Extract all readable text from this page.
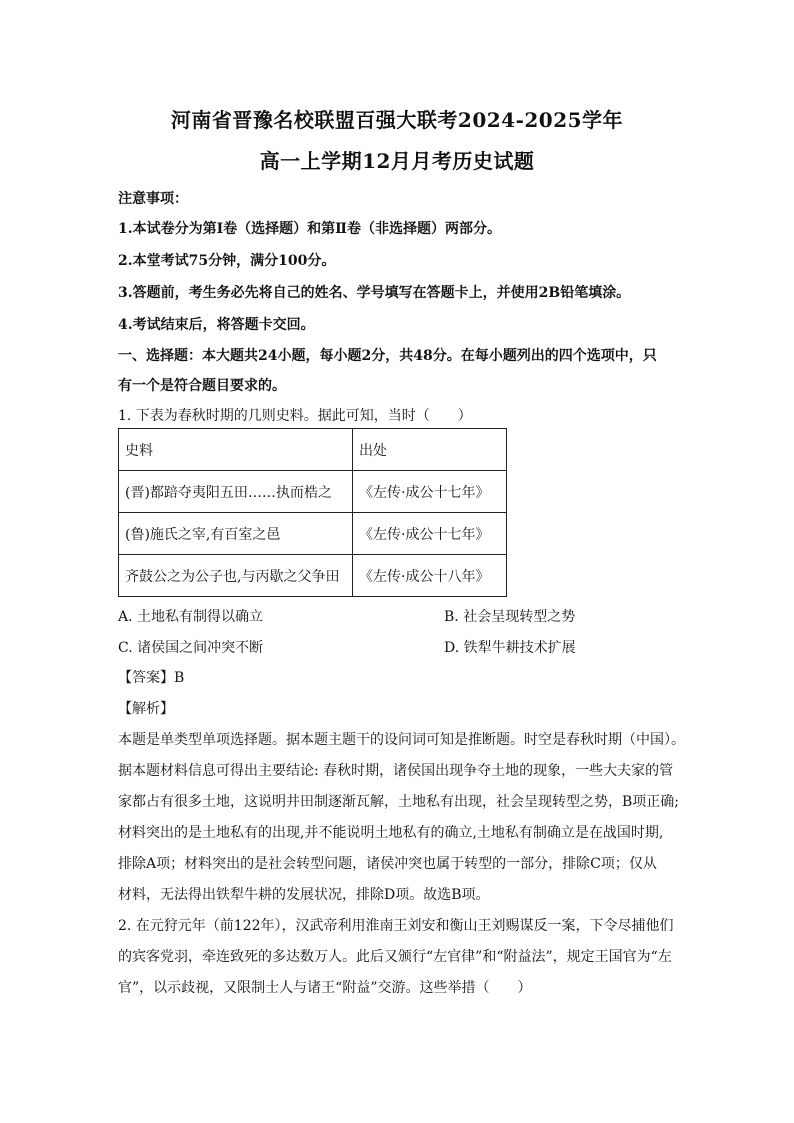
河南省晋豫名校联盟百强大联考2024-2025学年
高一上学期12月月考历史试题
注意事项：
1.本试卷分为第Ⅰ卷（选择题）和第Ⅱ卷（非选择题）两部分。
2.本堂考试75分钟，满分100分。
3.答题前，考生务必先将自己的姓名、学号填写在答题卡上，并使用2B铅笔填涂。
4.考试结束后，将答题卡交回。
一、选择题：本大题共24小题，每小题2分，共48分。在每小题列出的四个选项中，只
有一个是符合题目要求的。
1. 下表为春秋时期的几则史料。据此可知，当时（　　）
史料	出处
(晋)都踣夺夷阳五田……执而梏之	《左传·成公十七年》
(鲁)施氏之宰,有百室之邑	《左传·成公十七年》
齐鼓公之为公子也,与丙歇之父争田	《左传·成公十八年》
A. 土地私有制得以确立	B. 社会呈现转型之势
C. 诸侯国之间冲突不断	D. 铁犁牛耕技术扩展
【答案】B
【解析】
本题是单类型单项选择题。据本题主题干的设问词可知是推断题。时空是春秋时期（中国）。
据本题材料信息可得出主要结论: 春秋时期，诸侯国出现争夺土地的现象，一些大夫家的管
家都占有很多土地，这说明井田制逐渐瓦解，土地私有出现，社会呈现转型之势，B项正确;
材料突出的是土地私有的出现,并不能说明土地私有的确立,土地私有制确立是在战国时期,
排除A项；材料突出的是社会转型问题，诸侯冲突也属于转型的一部分，排除C项；仅从
材料，无法得出铁犁牛耕的发展状况，排除D项。故选B项。
2. 在元狩元年（前122年），汉武帝利用淮南王刘安和衡山王刘赐谋反一案，下令尽捕他们
的宾客党羽，牵连致死的多达数万人。此后又颁行“左官律”和“附益法”，规定王国官为“左
官”，以示歧视，又限制士人与诸王“附益”交游。这些举措（　　）
